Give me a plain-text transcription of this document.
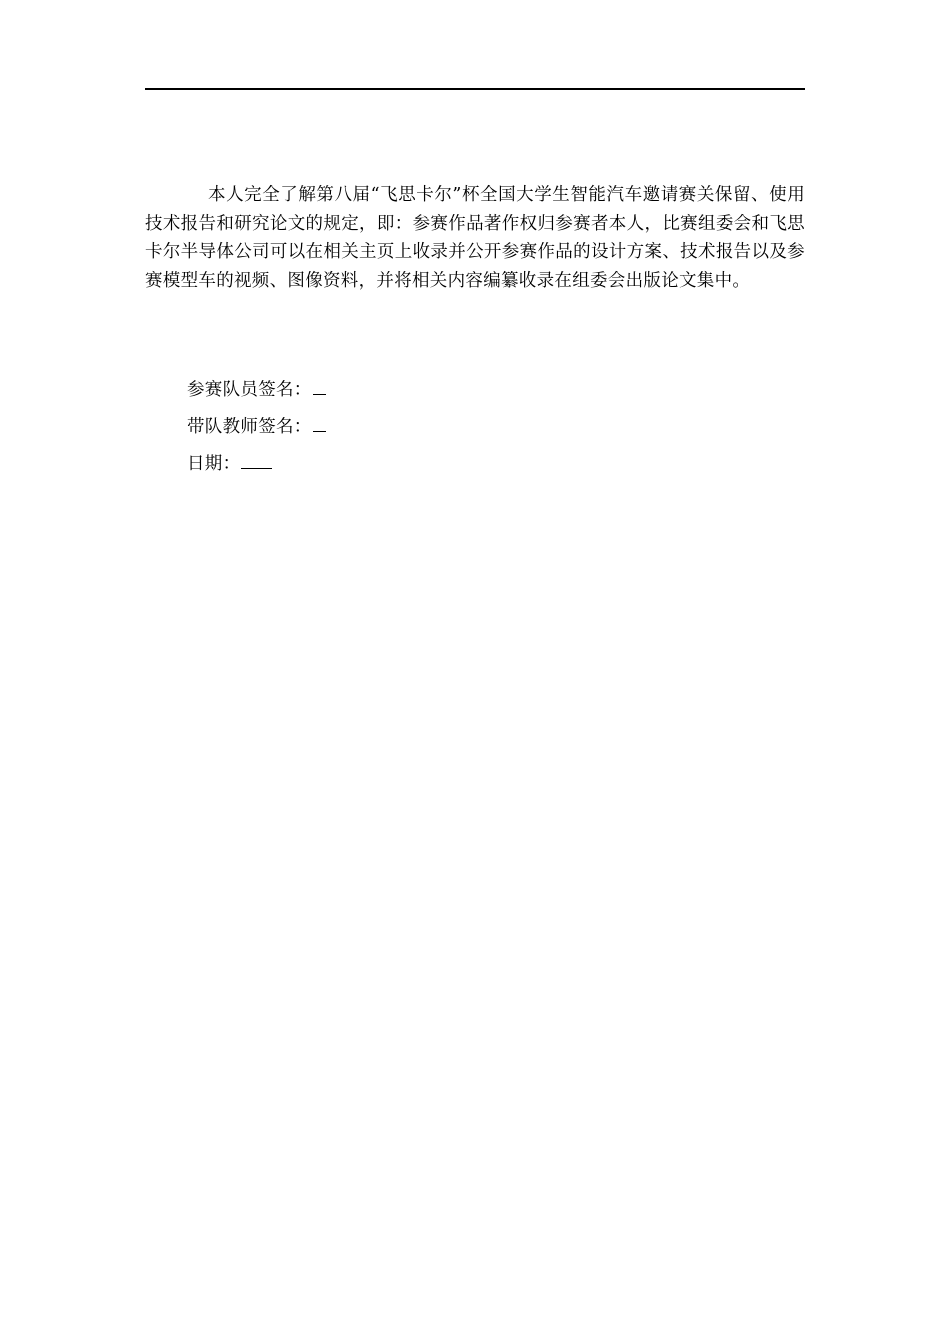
本人完全了解第八届“飞思卡尔”杯全国大学生智能汽车邀请赛关保留、使用技术报告和研究论文的规定，即：参赛作品著作权归参赛者本人，比赛组委会和飞思卡尔半导体公司可以在相关主页上收录并公开参赛作品的设计方案、技术报告以及参赛模型车的视频、图像资料，并将相关内容编纂收录在组委会出版论文集中。

参赛队员签名：
带队教师签名：
日期：
